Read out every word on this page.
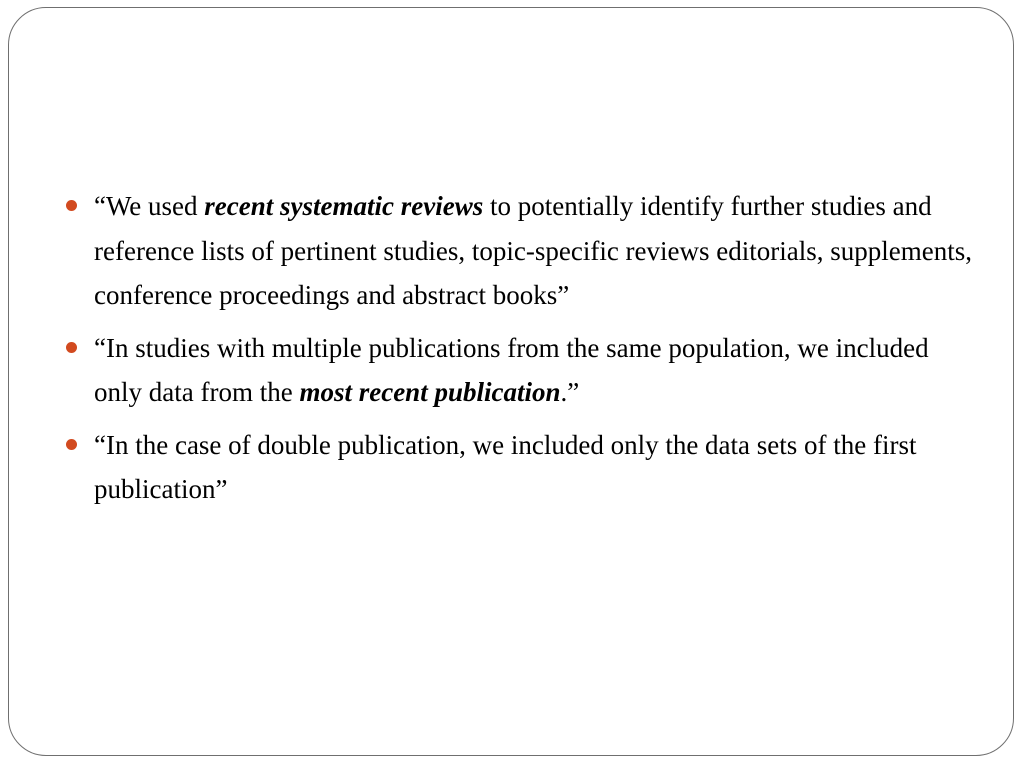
“We used recent systematic reviews to potentially identify further studies and reference lists of pertinent studies, topic-specific reviews editorials, supplements, conference proceedings and abstract books”
“In studies with multiple publications from the same population, we included only data from the most recent publication.”
“In the case of double publication, we included only the data sets of the first publication”
